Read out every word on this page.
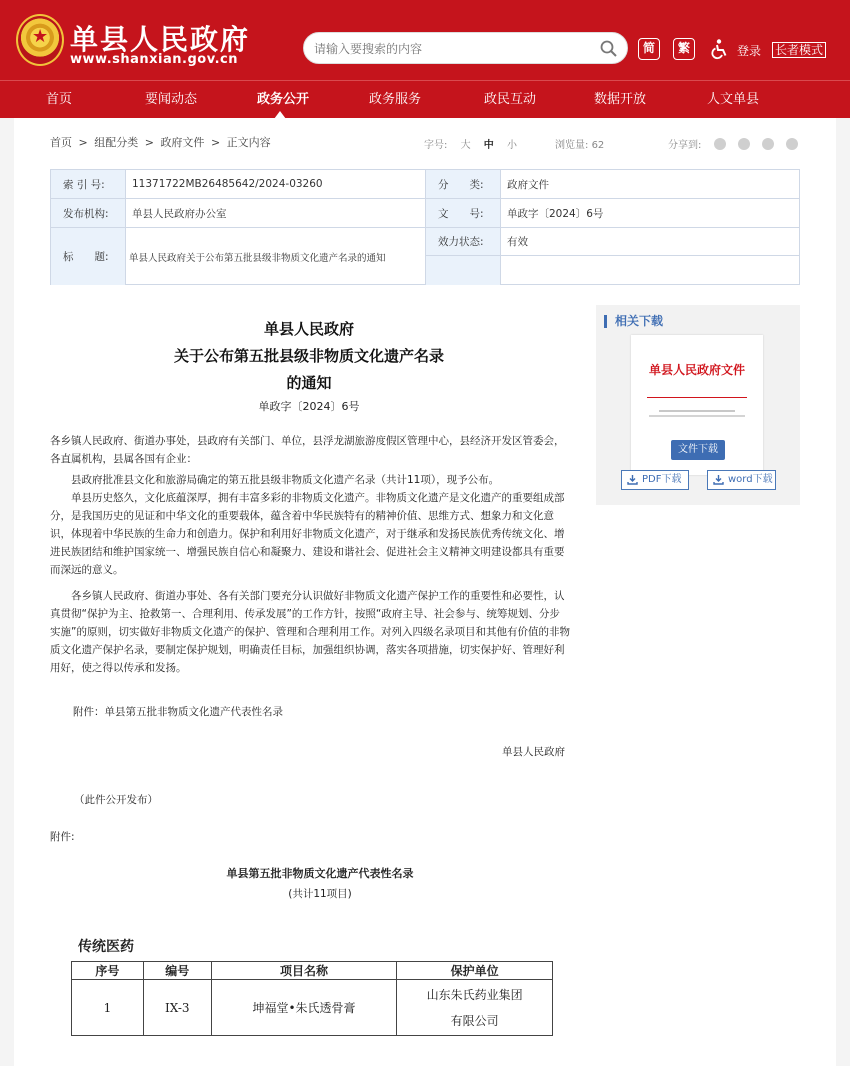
★
单县人民政府
www.shanxian.gov.cn
请输入要搜索的内容
简	繁	登录 长者模式
首页	要闻动态	政务公开	政务服务	政民互动	数据开放	人文单县
首页 > 组配分类 > 政府文件 > 正文内容	字号: 大 中 小	浏览量: 62	分享到:
索 引 号:	11371722MB26485642/2024-03260	分　　类:	政府文件
发布机构:	单县人民政府办公室	文　　号:	单政字〔2024〕6号
标　　题:	单县人民政府关于公布第五批县级非物质文化遗产名录的通知
效力状态:	有效
单县人民政府
关于公布第五批县级非物质文化遗产名录
的通知
单政字〔2024〕6号
各乡镇人民政府、街道办事处，县政府有关部门、单位，县浮龙湖旅游度假区管理中心，县经济开发区管委会，各直属机构，县属各国有企业：
县政府批准县文化和旅游局确定的第五批县级非物质文化遗产名录（共计11项），现予公布。
单县历史悠久，文化底蕴深厚，拥有丰富多彩的非物质文化遗产。非物质文化遗产是文化遗产的重要组成部分，是我国历史的见证和中华文化的重要载体，蕴含着中华民族特有的精神价值、思维方式、想象力和文化意识，体现着中华民族的生命力和创造力。保护和利用好非物质文化遗产，对于继承和发扬民族优秀传统文化、增进民族团结和维护国家统一、增强民族自信心和凝聚力、建设和谐社会、促进社会主义精神文明建设都具有重要而深远的意义。
各乡镇人民政府、街道办事处、各有关部门要充分认识做好非物质文化遗产保护工作的重要性和必要性，认真贯彻“保护为主、抢救第一、合理利用、传承发展”的工作方针，按照“政府主导、社会参与、统筹规划、分步实施”的原则，切实做好非物质文化遗产的保护、管理和合理利用工作。对列入四级名录项目和其他有价值的非物质文化遗产保护名录，要制定保护规划，明确责任目标，加强组织协调，落实各项措施，切实保护好、管理好利用好，使之得以传承和发扬。
附件：单县第五批非物质文化遗产代表性名录
单县人民政府
（此件公开发布）
附件:
单县第五批非物质文化遗产代表性名录
(共计11项目)
传统医药
序号	编号	项目名称	保护单位
1	IX-3	坤福堂•朱氏透骨膏	山东朱氏药业集团
有限公司
相关下载
单县人民政府文件
文件下载
PDF下载	word下载
